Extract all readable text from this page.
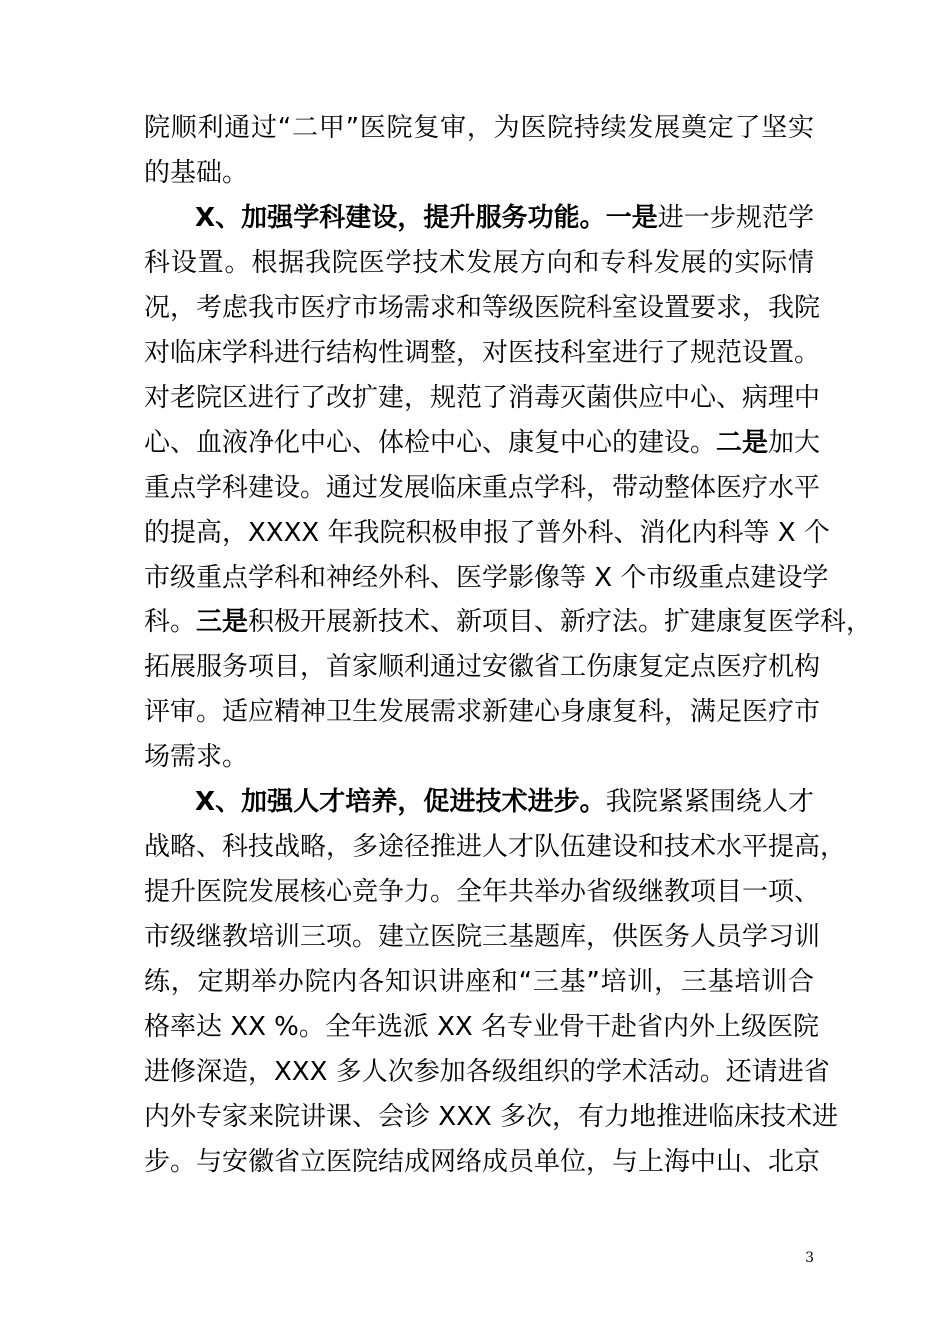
院顺利通过“二甲”医院复审，为医院持续发展奠定了坚实
的基础。
X、加强学科建设，提升服务功能。一是进一步规范学
科设置。根据我院医学技术发展方向和专科发展的实际情
况，考虑我市医疗市场需求和等级医院科室设置要求，我院
对临床学科进行结构性调整，对医技科室进行了规范设置。
对老院区进行了改扩建，规范了消毒灭菌供应中心、病理中
心、血液净化中心、体检中心、康复中心的建设。二是加大
重点学科建设。通过发展临床重点学科，带动整体医疗水平
的提高，XXXX 年我院积极申报了普外科、消化内科等 X 个
市级重点学科和神经外科、医学影像等 X 个市级重点建设学
科。三是积极开展新技术、新项目、新疗法。扩建康复医学科，
拓展服务项目，首家顺利通过安徽省工伤康复定点医疗机构
评审。适应精神卫生发展需求新建心身康复科，满足医疗市
场需求。
X、加强人才培养，促进技术进步。我院紧紧围绕人才
战略、科技战略，多途径推进人才队伍建设和技术水平提高，
提升医院发展核心竞争力。全年共举办省级继教项目一项、
市级继教培训三项。建立医院三基题库，供医务人员学习训
练，定期举办院内各知识讲座和“三基”培训，三基培训合
格率达 XX %。全年选派 XX 名专业骨干赴省内外上级医院
进修深造，XXX 多人次参加各级组织的学术活动。还请进省
内外专家来院讲课、会诊 XXX 多次，有力地推进临床技术进
步。与安徽省立医院结成网络成员单位，与上海中山、北京
3
